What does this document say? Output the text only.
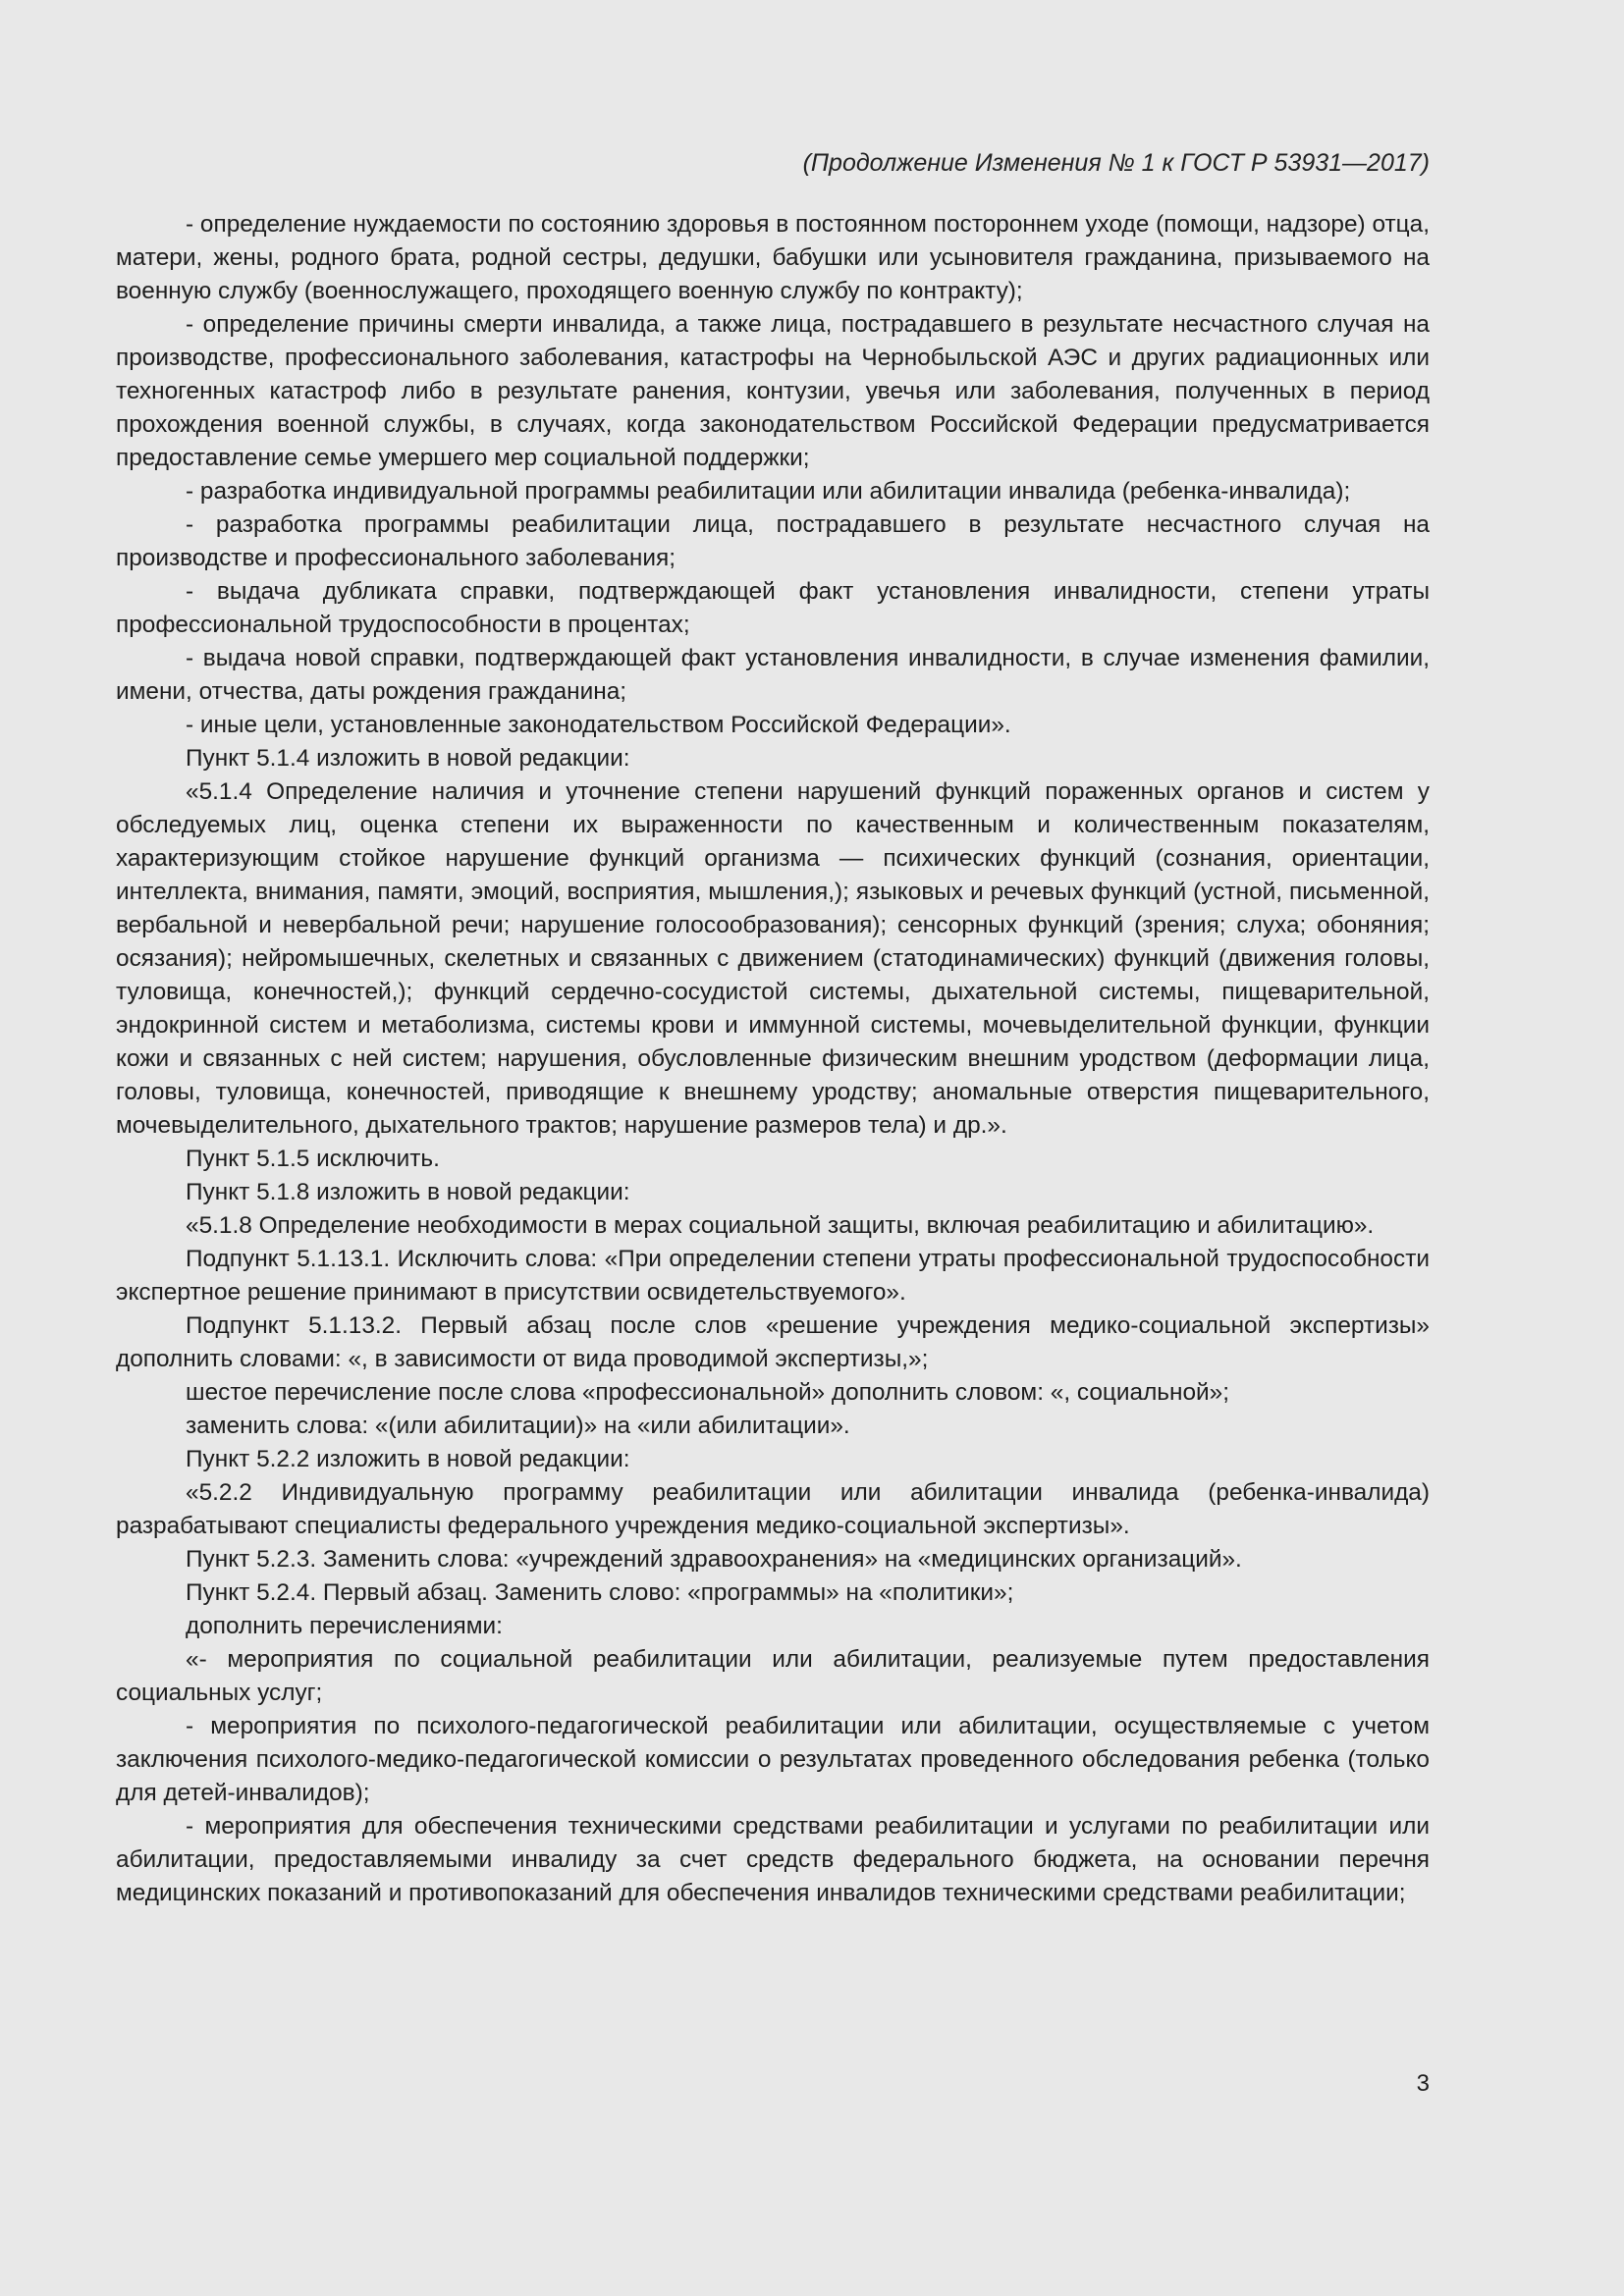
(Продолжение Изменения № 1 к ГОСТ Р 53931—2017)

- определение нуждаемости по состоянию здоровья в постоянном постороннем уходе (помощи, надзоре) отца, матери, жены, родного брата, родной сестры, дедушки, бабушки или усыновителя гражданина, призываемого на военную службу (военнослужащего, проходящего военную службу по контракту);

- определение причины смерти инвалида, а также лица, пострадавшего в результате несчастного случая на производстве, профессионального заболевания, катастрофы на Чернобыльской АЭС и других радиационных или техногенных катастроф либо в результате ранения, контузии, увечья или заболевания, полученных в период прохождения военной службы, в случаях, когда законодательством Российской Федерации предусматривается предоставление семье умершего мер социальной поддержки;

- разработка индивидуальной программы реабилитации или абилитации инвалида (ребенка-инвалида);

- разработка программы реабилитации лица, пострадавшего в результате несчастного случая на производстве и профессионального заболевания;

- выдача дубликата справки, подтверждающей факт установления инвалидности, степени утраты профессиональной трудоспособности в процентах;

- выдача новой справки, подтверждающей факт установления инвалидности, в случае изменения фамилии, имени, отчества, даты рождения гражданина;

- иные цели, установленные законодательством Российской Федерации».

Пункт 5.1.4 изложить в новой редакции:

«5.1.4 Определение наличия и уточнение степени нарушений функций пораженных органов и систем у обследуемых лиц, оценка степени их выраженности по качественным и количественным показателям, характеризующим стойкое нарушение функций организма — психических функций (сознания, ориентации, интеллекта, внимания, памяти, эмоций, восприятия, мышления,); языковых и речевых функций (устной, письменной, вербальной и невербальной речи; нарушение голосообразования); сенсорных функций (зрения; слуха; обоняния; осязания); нейромышечных, скелетных и связанных с движением (статодинамических) функций (движения головы, туловища, конечностей,); функций сердечно-сосудистой системы, дыхательной системы, пищеварительной, эндокринной систем и метаболизма, системы крови и иммунной системы, мочевыделительной функции, функции кожи и связанных с ней систем; нарушения, обусловленные физическим внешним уродством (деформации лица, головы, туловища, конечностей, приводящие к внешнему уродству; аномальные отверстия пищеварительного, мочевыделительного, дыхательного трактов; нарушение размеров тела) и др.».

Пункт 5.1.5 исключить.

Пункт 5.1.8 изложить в новой редакции:

«5.1.8 Определение необходимости в мерах социальной защиты, включая реабилитацию и абилитацию».

Подпункт 5.1.13.1. Исключить слова: «При определении степени утраты профессиональной трудоспособности экспертное решение принимают в присутствии освидетельствуемого».

Подпункт 5.1.13.2. Первый абзац после слов «решение учреждения медико-социальной экспертизы» дополнить словами: «, в зависимости от вида проводимой экспертизы,»;

шестое перечисление после слова «профессиональной» дополнить словом: «, социальной»;

заменить слова: «(или абилитации)» на «или абилитации».

Пункт 5.2.2 изложить в новой редакции:

«5.2.2 Индивидуальную программу реабилитации или абилитации инвалида (ребенка-инвалида) разрабатывают специалисты федерального учреждения медико-социальной экспертизы».

Пункт 5.2.3. Заменить слова: «учреждений здравоохранения» на «медицинских организаций».

Пункт 5.2.4. Первый абзац. Заменить слово: «программы» на «политики»;

дополнить перечислениями:

«- мероприятия по социальной реабилитации или абилитации, реализуемые путем предоставления социальных услуг;

- мероприятия по психолого-педагогической реабилитации или абилитации, осуществляемые с учетом заключения психолого-медико-педагогической комиссии о результатах проведенного обследования ребенка (только для детей-инвалидов);

- мероприятия для обеспечения техническими средствами реабилитации и услугами по реабилитации или абилитации, предоставляемыми инвалиду за счет средств федерального бюджета, на основании перечня медицинских показаний и противопоказаний для обеспечения инвалидов техническими средствами реабилитации;

3
